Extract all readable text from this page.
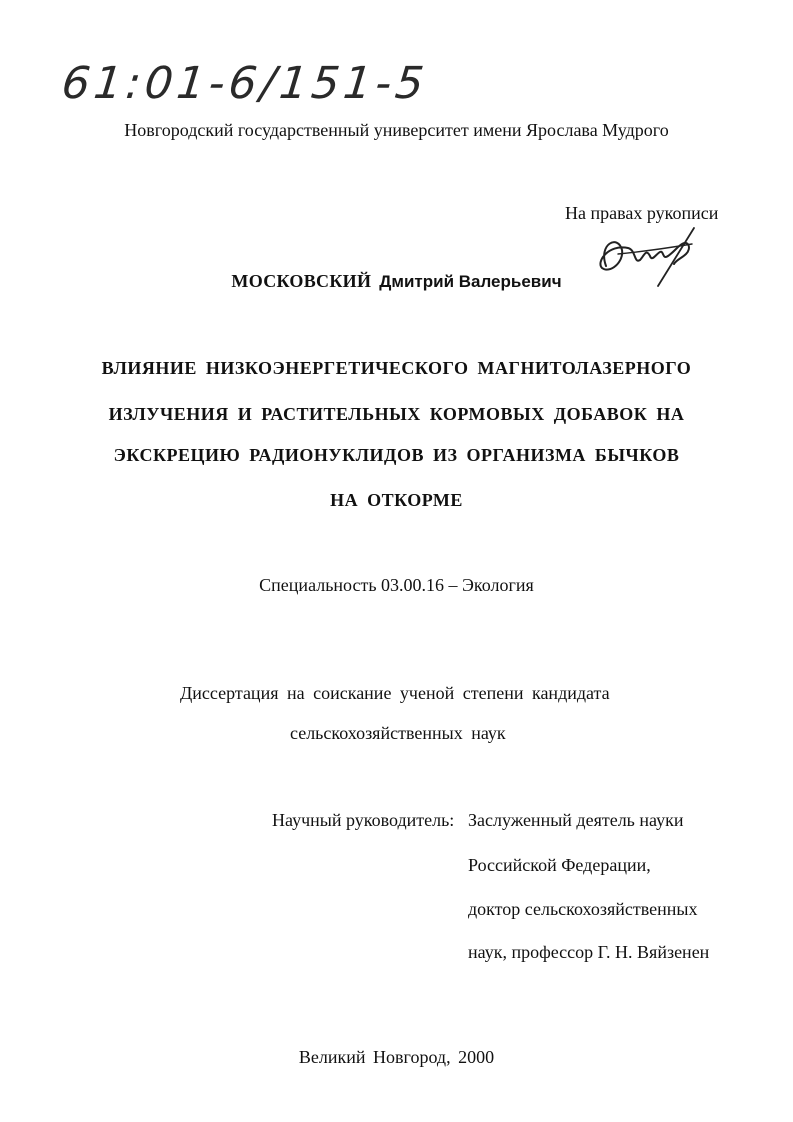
61:01-6/151-5
Новгородский государственный университет имени Ярослава Мудрого
На правах рукописи
МОСКОВСКИЙ Дмитрий Валерьевич
ВЛИЯНИЕ НИЗКОЭНЕРГЕТИЧЕСКОГО МАГНИТОЛАЗЕРНОГО
ИЗЛУЧЕНИЯ И РАСТИТЕЛЬНЫХ КОРМОВЫХ ДОБАВОК НА
ЭКСКРЕЦИЮ РАДИОНУКЛИДОВ ИЗ ОРГАНИЗМА БЫЧКОВ
НА ОТКОРМЕ
Специальность 03.00.16 – Экология
Диссертация на соискание ученой степени кандидата
сельскохозяйственных наук
Научный руководитель: Заслуженный деятель науки
Российской Федерации,
доктор сельскохозяйственных
наук, профессор Г. Н. Вяйзенен
Великий Новгород, 2000
